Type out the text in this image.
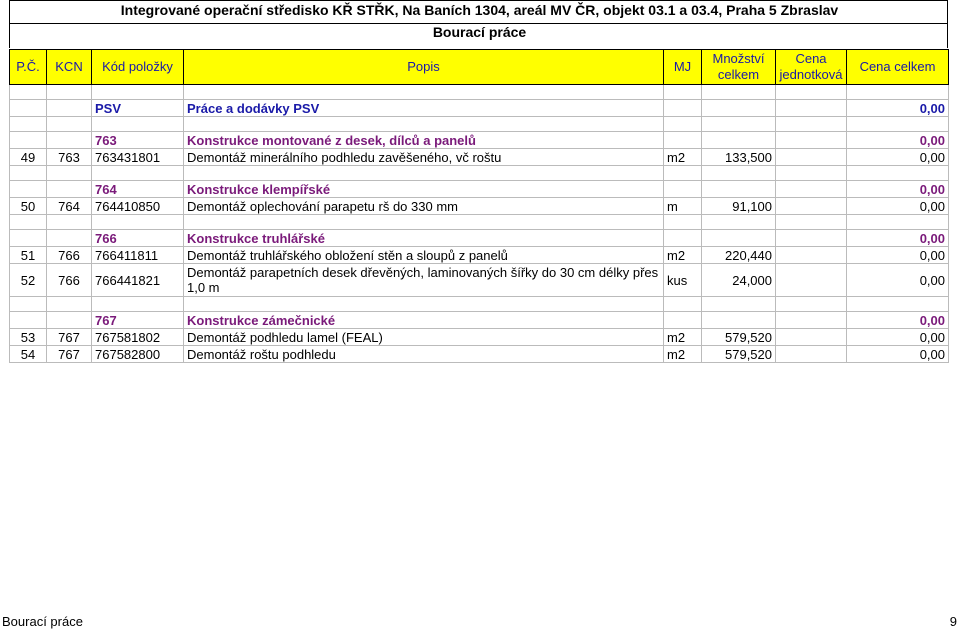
Integrované operační středisko KŘ STŘK, Na Baních 1304, areál MV ČR, objekt 03.1 a 03.4, Praha 5 Zbraslav
Bourací práce
P.Č.	KCN	Kód položky	Popis	MJ	Množství celkem	Cena jednotková	Cena celkem

		PSV	Práce a dodávky PSV				0,00

		763	Konstrukce montované z desek, dílců a panelů				0,00
49	763	763431801	Demontáž minerálního podhledu zavěšeného, vč roštu	m2	133,500		0,00

		764	Konstrukce klempířské				0,00
50	764	764410850	Demontáž oplechování parapetu rš do 330 mm	m	91,100		0,00

		766	Konstrukce truhlářské				0,00
51	766	766411811	Demontáž truhlářského obložení stěn a sloupů z panelů	m2	220,440		0,00
52	766	766441821	Demontáž parapetních desek dřevěných, laminovaných šířky do 30 cm délky přes 1,0 m	kus	24,000		0,00

		767	Konstrukce zámečnické				0,00
53	767	767581802	Demontáž podhledu lamel (FEAL)	m2	579,520		0,00
54	767	767582800	Demontáž roštu podhledu	m2	579,520		0,00
Bourací práce	9
